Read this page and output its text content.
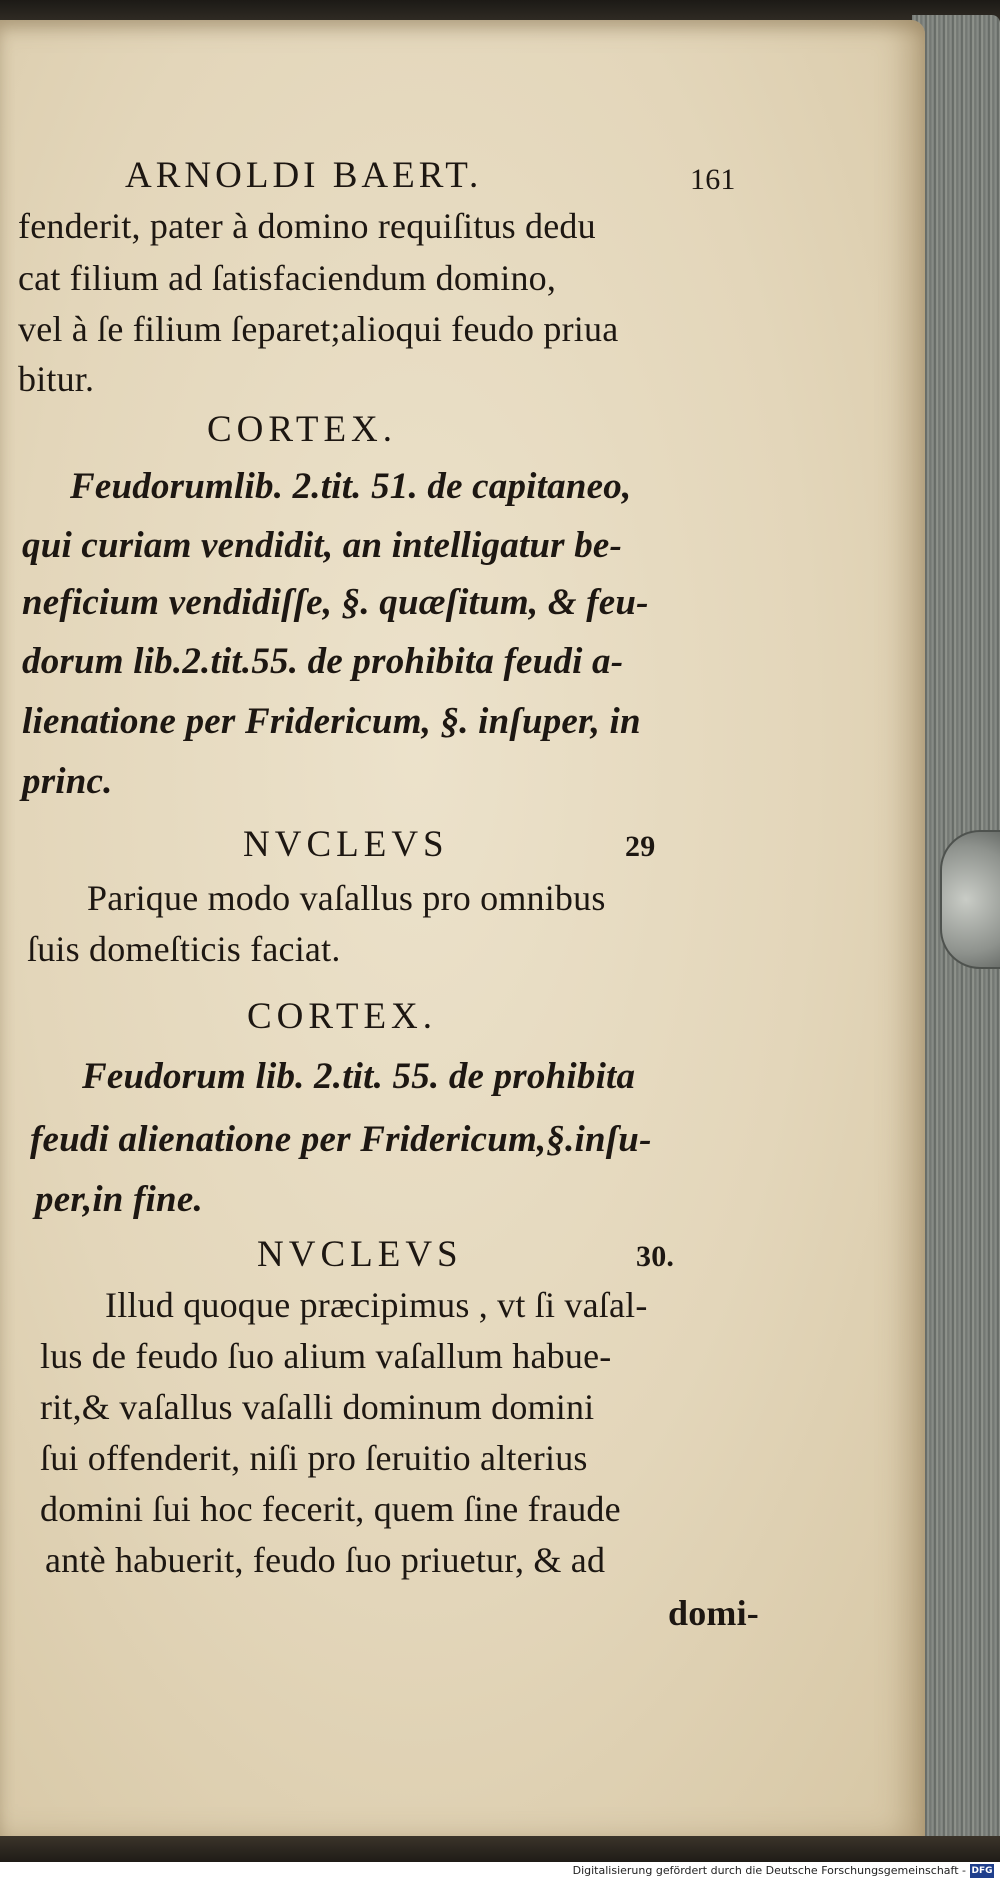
ARNOLDI BAERT.	161
fenderit, pater à domino requiſitus dedu
cat filium ad ſatisfaciendum domino,
vel à ſe filium ſeparet;alioqui feudo priua
bitur.
CORTEX.
Feudorumlib. 2.tit. 51. de capitaneo,
qui curiam vendidit, an intelligatur be-
neficium vendidiſſe, §. quæſitum, & feu-
dorum lib.2.tit.55. de prohibita feudi a-
lienatione per Fridericum, §. inſuper, in
princ.
NVCLEVS	29
Parique modo vaſallus pro omnibus
ſuis domeſticis faciat.
CORTEX.
Feudorum lib. 2.tit. 55. de prohibita
feudi alienatione per Fridericum,§.inſu-
per,in fine.
NVCLEVS	30.
Illud quoque præcipimus , vt ſi vaſal-
lus de feudo ſuo alium vaſallum habue-
rit,& vaſallus vaſalli dominum domini
ſui offenderit, niſi pro ſeruitio alterius
domini ſui hoc fecerit, quem ſine fraude
antè habuerit, feudo ſuo priuetur, & ad
domi-
Digitalisierung gefördert durch die Deutsche Forschungsgemeinschaft - DFG
